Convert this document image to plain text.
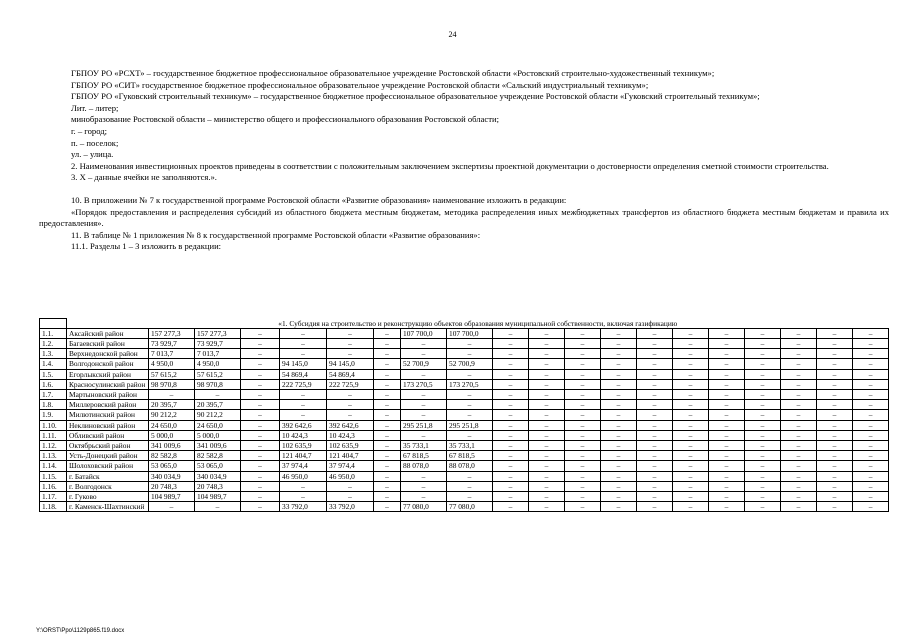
24

ГБПОУ РО «РСХТ» – государственное бюджетное профессиональное образовательное учреждение Ростовской области «Ростовский строительно-художественный техникум»;

ГБПОУ РО «СИТ» государственное бюджетное профессиональное образовательное учреждение Ростовской области «Сальский индустриальный техникум»;

ГБПОУ РО «Гуковский строительный техникум» – государственное бюджетное профессиональное образовательное учреждение Ростовской области «Гуковский строительный техникум»;

Лит. – литер;

минобразование Ростовской области – министерство общего и профессионального образования Ростовской области;

г. – город;

п. – поселок;

ул. – улица.

2. Наименования инвестиционных проектов приведены в соответствии с положительным заключением экспертизы проектной документации о достоверности определения сметной стоимости строительства.

3. Х – данные ячейки не заполняются.».

10. В приложении № 7 к государственной программе Ростовской области «Развитие образования» наименование изложить в редакции:

«Порядок предоставления и распределения субсидий из областного бюджета местным бюджетам, методика распределения иных межбюджетных трансфертов из областного бюджета местным бюджетам и правила их предоставления».

11. В таблице № 1 приложения № 8 к государственной программе Ростовской области «Развитие образования»:

11.1. Разделы 1 – 3 изложить в редакции:

	«1. Субсидия на строительство и реконструкцию объектов образования муниципальной собственности, включая газификацию																			
1.1.	Аксайский район	157 277,3	157 277,3	–	–	–	–	107 700,0	107 700,0	–	–	–	–	–	–	–	–	–	–	–
1.2.	Багаевский район	73 929,7	73 929,7	–	–	–	–	–	–	–	–	–	–	–	–	–	–	–	–	–
1.3.	Верхнедонской район	7 013,7	7 013,7	–	–	–	–	–	–	–	–	–	–	–	–	–	–	–	–	–
1.4.	Волгодонской район	4 950,0	4 950,0	–	94 145,0	94 145,0	–	52 700,9	52 700,9	–	–	–	–	–	–	–	–	–	–	–
1.5.	Егорлыкский район	57 615,2	57 615,2	–	54 869,4	54 869,4	–	–	–	–	–	–	–	–	–	–	–	–	–	–
1.6.	Красносулинский район	98 970,8	98 970,8	–	222 725,9	222 725,9	–	173 270,5	173 270,5	–	–	–	–	–	–	–	–	–	–	–
1.7.	Мартыновский район	–	–	–	–	–	–	–	–	–	–	–	–	–	–	–	–	–	–	–
1.8.	Миллеровский район	20 395,7	20 395,7	–	–	–	–	–	–	–	–	–	–	–	–	–	–	–	–	–
1.9.	Милютинский район	90 212,2	90 212,2	–	–	–	–	–	–	–	–	–	–	–	–	–	–	–	–	–
1.10.	Неклиновский район	24 650,0	24 650,0	–	392 642,6	392 642,6	–	295 251,8	295 251,8	–	–	–	–	–	–	–	–	–	–	–
1.11.	Обливский район	5 000,0	5 000,0	–	10 424,3	10 424,3	–	–	–	–	–	–	–	–	–	–	–	–	–	–
1.12.	Октябрьский район	341 009,6	341 009,6	–	102 635,9	102 635,9	–	35 733,1	35 733,1	–	–	–	–	–	–	–	–	–	–	–
1.13.	Усть-Донецкий район	82 582,8	82 582,8	–	121 404,7	121 404,7	–	67 818,5	67 818,5	–	–	–	–	–	–	–	–	–	–	–
1.14.	Шолоховский район	53 065,0	53 065,0	–	37 974,4	37 974,4	–	88 078,0	88 078,0	–	–	–	–	–	–	–	–	–	–	–
1.15.	г. Батайск	340 034,9	340 034,9	–	46 950,0	46 950,0	–	–	–	–	–	–	–	–	–	–	–	–	–	–
1.16.	г. Волгодонск	20 748,3	20 748,3	–	–	–	–	–	–	–	–	–	–	–	–	–	–	–	–	–
1.17.	г. Гуково	104 989,7	104 989,7	–	–	–	–	–	–	–	–	–	–	–	–	–	–	–	–	–
1.18.	г. Каменск-Шахтинский	–	–	–	33 792,0	33 792,0	–	77 080,0	77 080,0	–	–	–	–	–	–	–	–	–	–	–
Y:\ORST\Ppo\1129p865.f19.docx
